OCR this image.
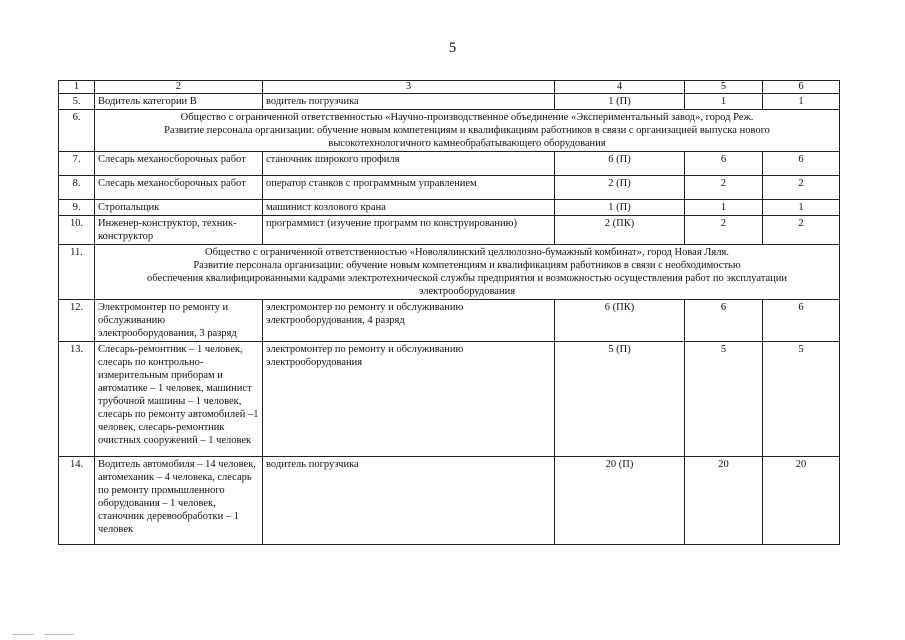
5
1	2	3	4	5	6
5.	Водитель категории В	водитель погрузчика	1 (П)	1	1
6.	Общество с ограниченной ответственностью «Научно-производственное объединение «Экспериментальный завод», город Реж.
Развитие персонала организации: обучение новым компетенциям и квалификациям работников в связи с организацией выпуска нового
высокотехнологичного камнеобрабатывающего оборудования				

7.	Слесарь механосборочных работ	станочник широкого профиля	6 (П)	6	6
8.	Слесарь механосборочных работ	оператор станков с программным управлением	2 (П)	2	2
9.	Стропальщик	машинист козлового крана	1 (П)	1	1
10.	Инженер-конструктор, техник-конструктор	программист (изучение программ по конструированию)	2 (ПК)	2	2
11.	Общество с ограниченной ответственностью «Новолялинский целлюлозно-бумажный комбинат», город Новая Ляля.
Развитие персонала организации: обучение новым компетенциям и квалификациям работников в связи с необходимостью
обеспечения квалифицированными кадрами электротехнической службы предприятия и возможностью осуществления работ по эксплуатации
электрооборудования				

12.	Электромонтер по ремонту и обслуживанию электрооборудования, 3 разряд	электромонтер по ремонту и обслуживанию электрооборудования, 4 разряд	6 (ПК)	6	6
13.	Слесарь-ремонтник – 1 человек, слесарь по контрольно-измерительным приборам и автоматике – 1 человек, машинист трубочной машины – 1 человек, слесарь по ремонту автомобилей –1 человек, слесарь-ремонтник очистных сооружений – 1 человек	электромонтер по ремонту и обслуживанию электрооборудования	5 (П)	5	5
14.	Водитель автомобиля – 14 человек, автомеханик – 4 человека, слесарь по ремонту промышленного оборудования – 1 человек, станочник деревообработки – 1 человек	водитель погрузчика	20 (П)	20	20
